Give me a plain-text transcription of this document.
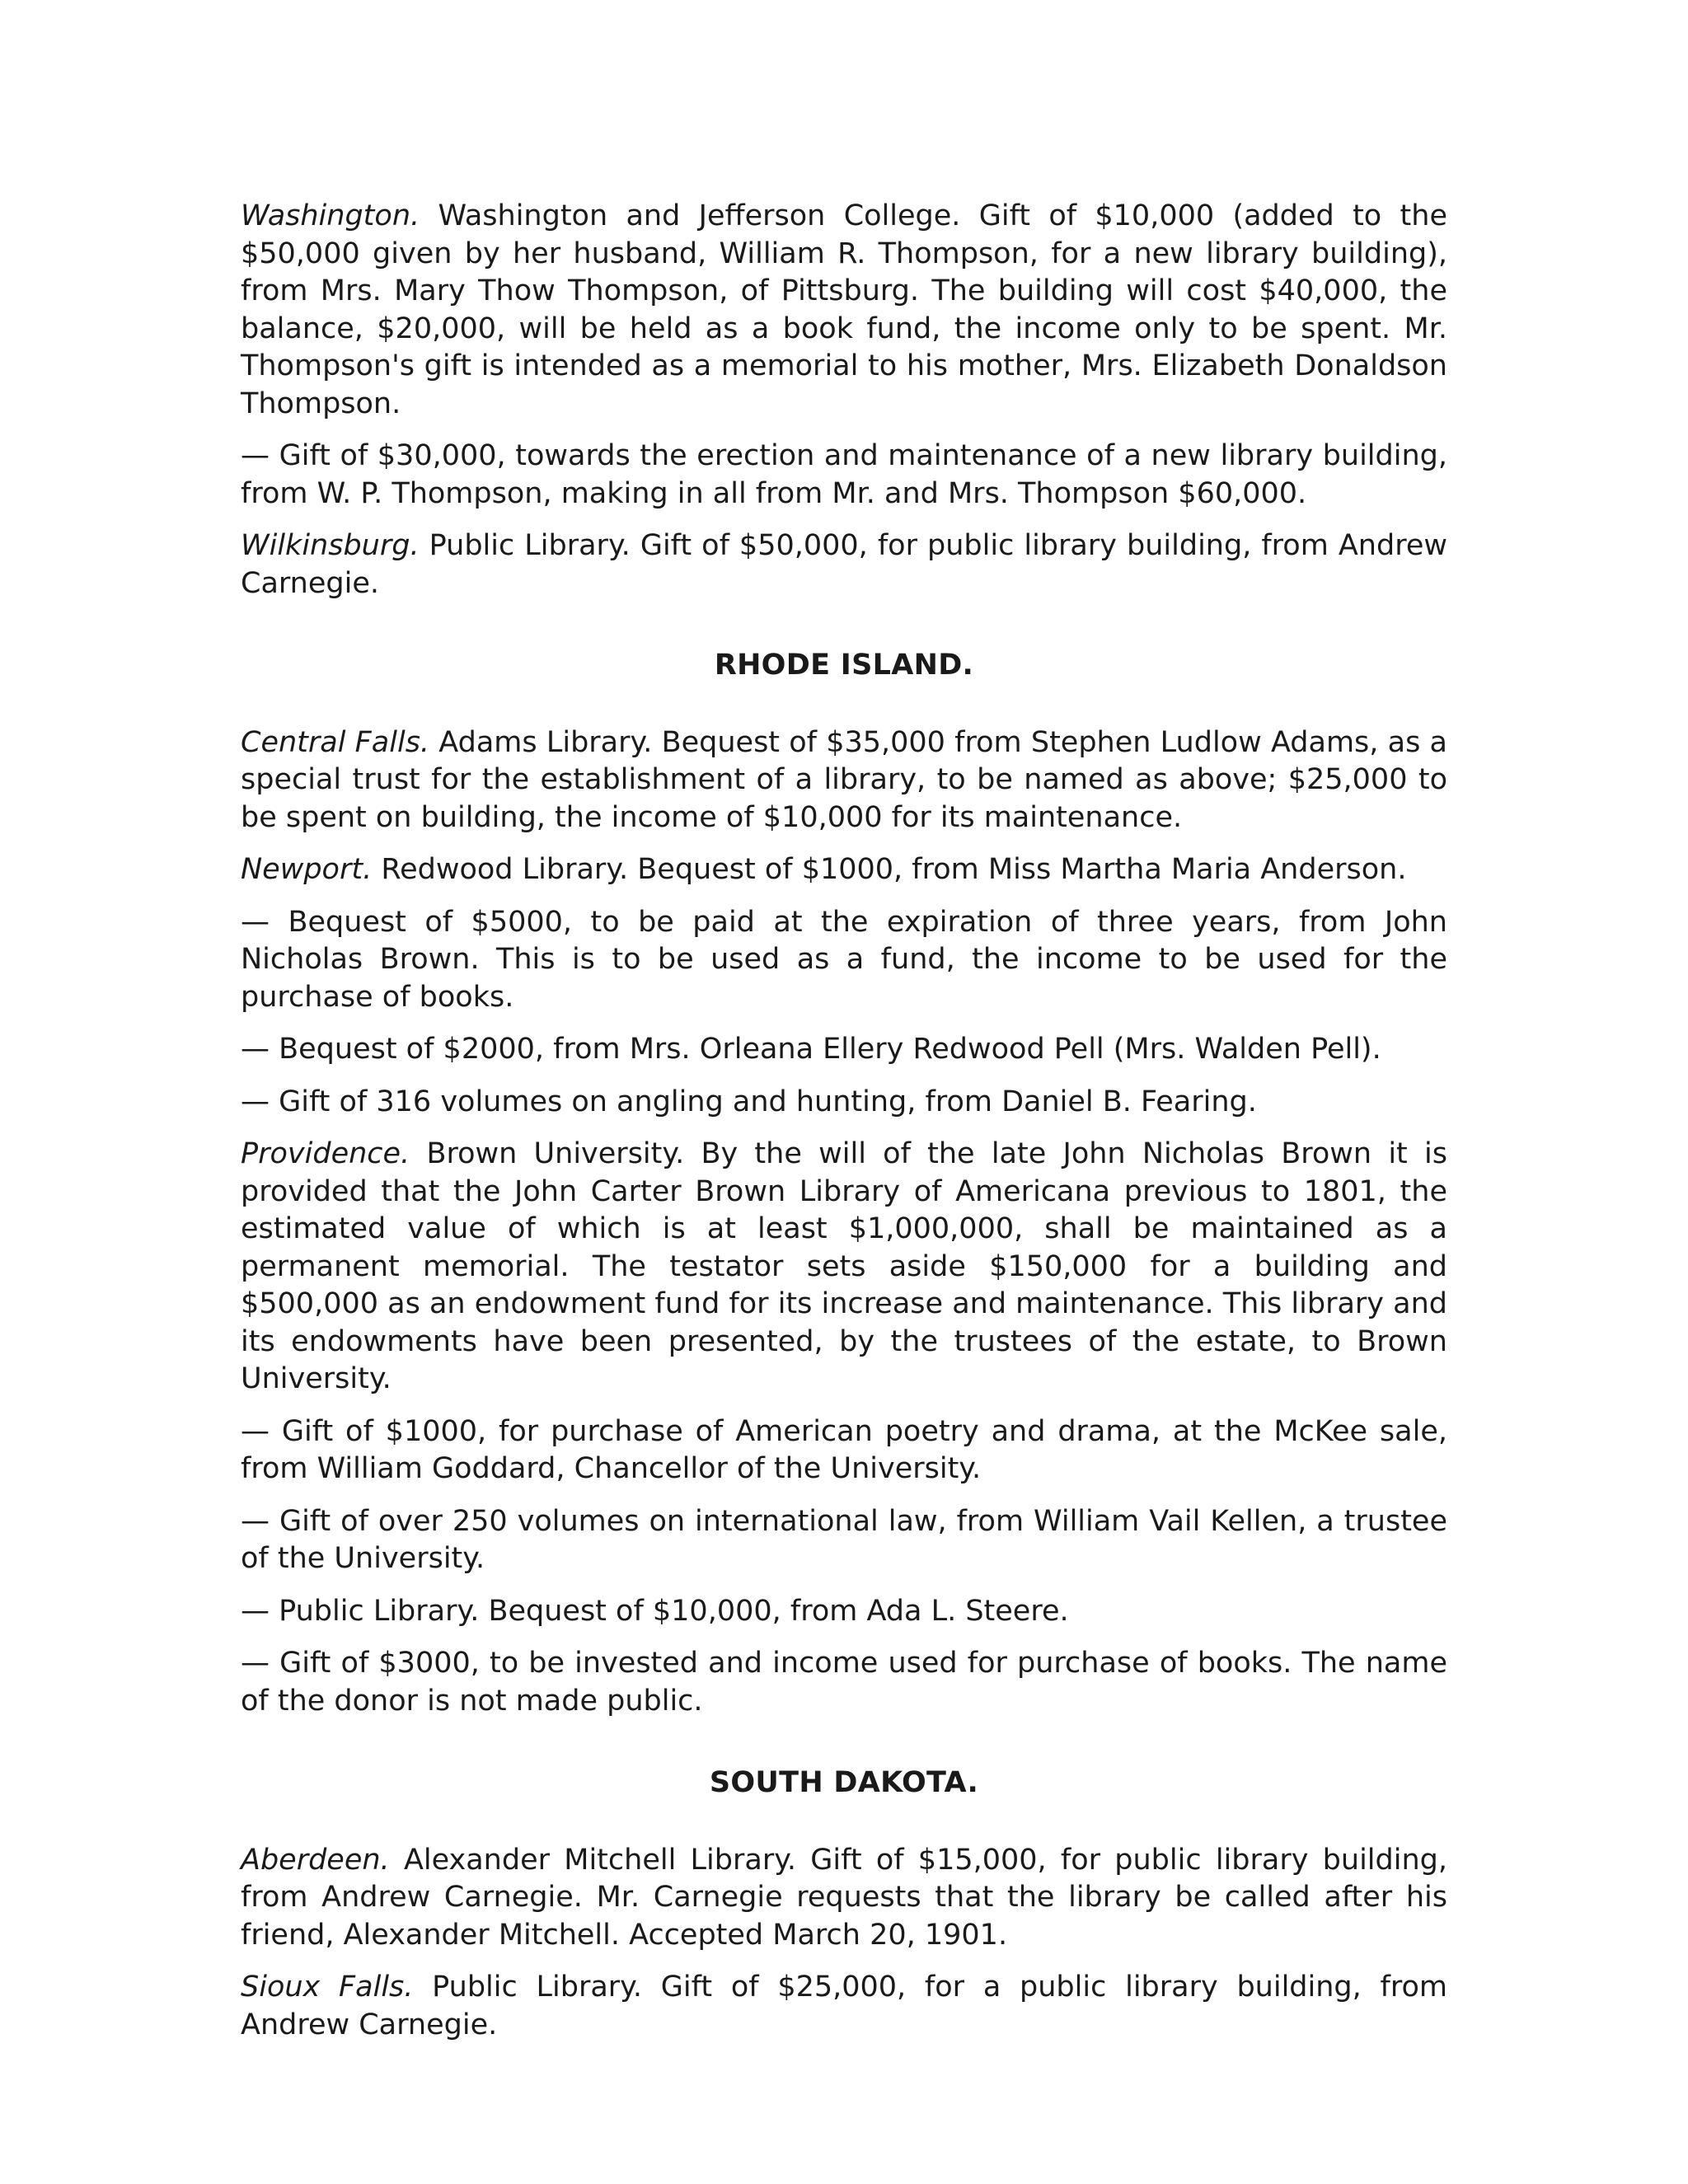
Washington. Washington and Jefferson College. Gift of $10,000 (added to the $50,000 given by her husband, William R. Thompson, for a new library building), from Mrs. Mary Thow Thompson, of Pittsburg. The building will cost $40,000, the balance, $20,000, will be held as a book fund, the income only to be spent. Mr. Thompson's gift is intended as a memorial to his mother, Mrs. Elizabeth Donaldson Thompson.

— Gift of $30,000, towards the erection and maintenance of a new library building, from W. P. Thompson, making in all from Mr. and Mrs. Thompson $60,000.

Wilkinsburg. Public Library. Gift of $50,000, for public library building, from Andrew Carnegie.

RHODE ISLAND.

Central Falls. Adams Library. Bequest of $35,000 from Stephen Ludlow Adams, as a special trust for the establishment of a library, to be named as above; $25,000 to be spent on building, the income of $10,000 for its maintenance.

Newport. Redwood Library. Bequest of $1000, from Miss Martha Maria Anderson.

— Bequest of $5000, to be paid at the expiration of three years, from John Nicholas Brown. This is to be used as a fund, the income to be used for the purchase of books.

— Bequest of $2000, from Mrs. Orleana Ellery Redwood Pell (Mrs. Walden Pell).

— Gift of 316 volumes on angling and hunting, from Daniel B. Fearing.

Providence. Brown University. By the will of the late John Nicholas Brown it is provided that the John Carter Brown Library of Americana previous to 1801, the estimated value of which is at least $1,000,000, shall be maintained as a permanent memorial. The testator sets aside $150,000 for a building and $500,000 as an endowment fund for its increase and maintenance. This library and its endowments have been presented, by the trustees of the estate, to Brown University.

— Gift of $1000, for purchase of American poetry and drama, at the McKee sale, from William Goddard, Chancellor of the University.

— Gift of over 250 volumes on international law, from William Vail Kellen, a trustee of the University.

— Public Library. Bequest of $10,000, from Ada L. Steere.

— Gift of $3000, to be invested and income used for purchase of books. The name of the donor is not made public.

SOUTH DAKOTA.

Aberdeen. Alexander Mitchell Library. Gift of $15,000, for public library building, from Andrew Carnegie. Mr. Carnegie requests that the library be called after his friend, Alexander Mitchell. Accepted March 20, 1901.

Sioux Falls. Public Library. Gift of $25,000, for a public library building, from Andrew Carnegie.
